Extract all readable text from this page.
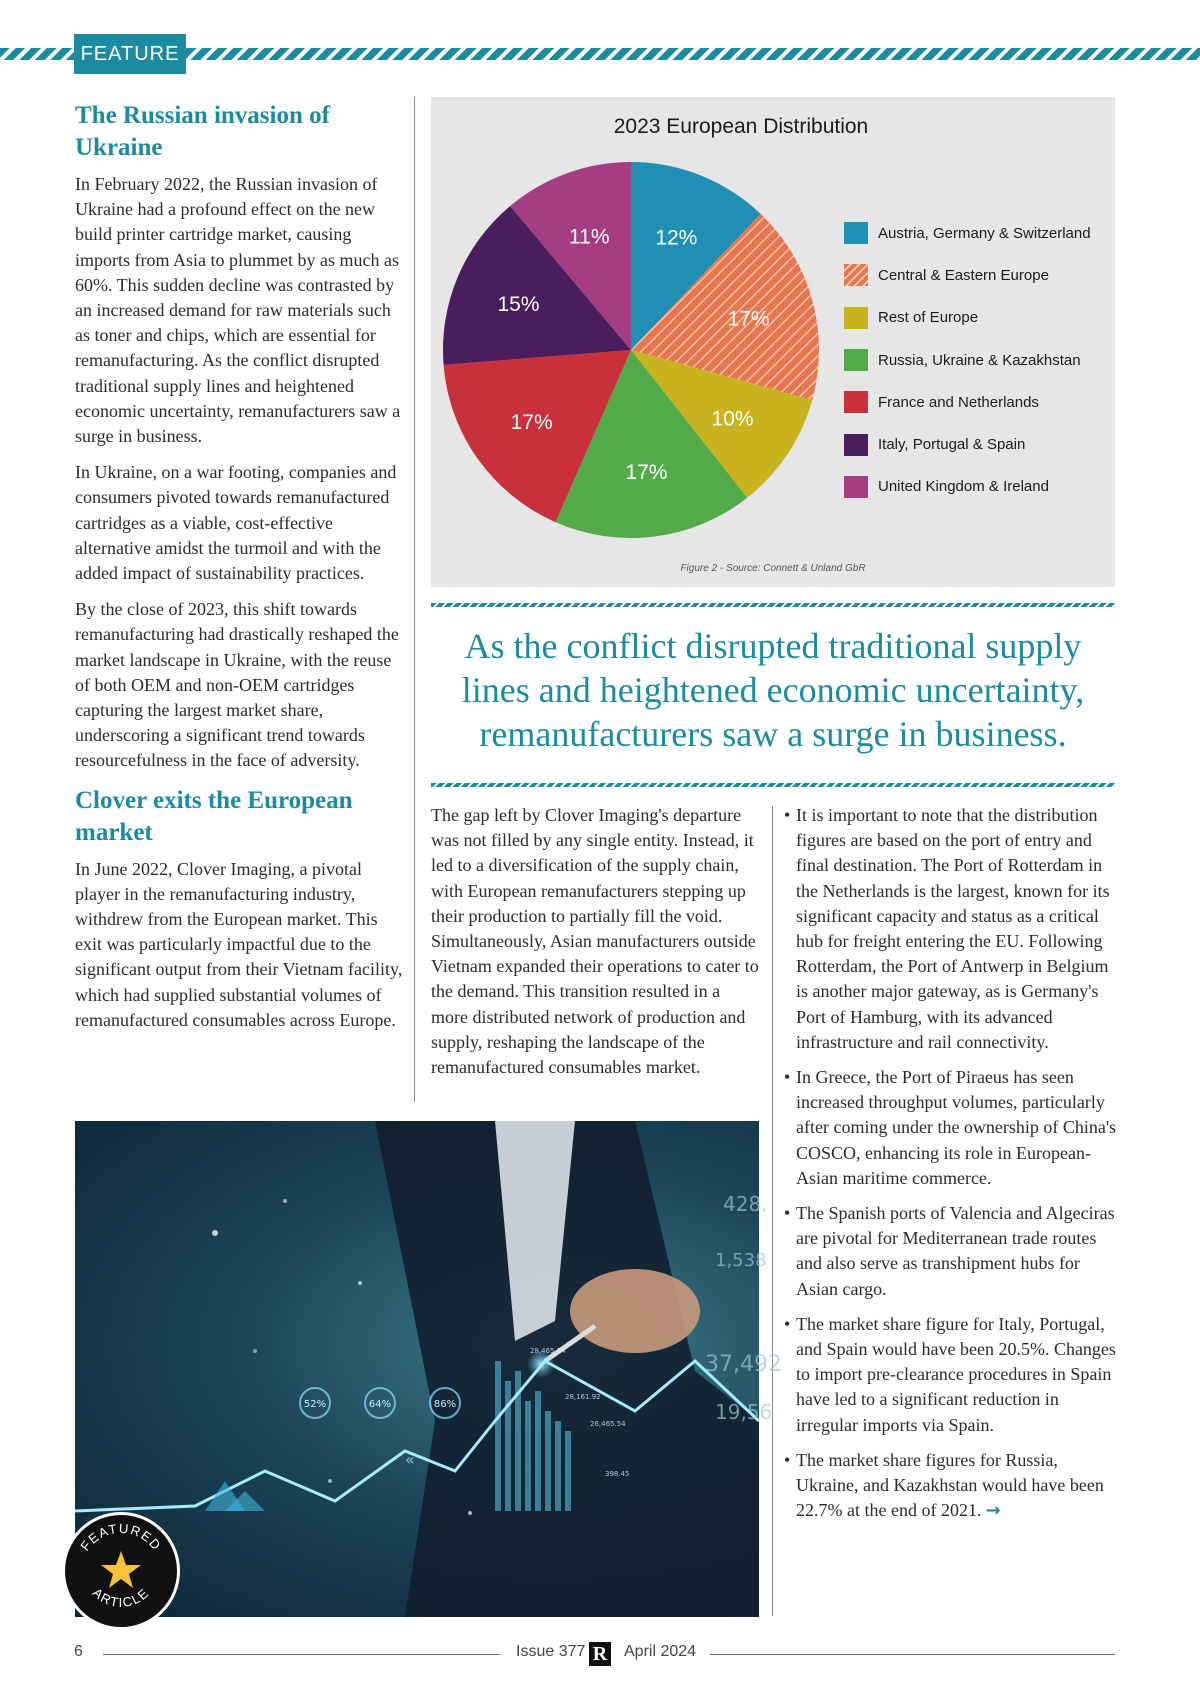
FEATURE
The Russian invasion of Ukraine

In February 2022, the Russian invasion of Ukraine had a profound effect on the new build printer cartridge market, causing imports from Asia to plummet by as much as 60%. This sudden decline was contrasted by an increased demand for raw materials such as toner and chips, which are essential for remanufacturing. As the conflict disrupted traditional supply lines and heightened economic uncertainty, remanufacturers saw a surge in business.

In Ukraine, on a war footing, companies and consumers pivoted towards remanufactured cartridges as a viable, cost-effective alternative amidst the turmoil and with the added impact of sustainability practices.

By the close of 2023, this shift towards remanufacturing had drastically reshaped the market landscape in Ukraine, with the reuse of both OEM and non-OEM cartridges capturing the largest market share, underscoring a significant trend towards resourcefulness in the face of adversity.

Clover exits the European market

In June 2022, Clover Imaging, a pivotal player in the remanufacturing industry, withdrew from the European market. This exit was particularly impactful due to the significant output from their Vietnam facility, which had supplied substantial volumes of remanufactured consumables across Europe.

2023 European Distribution
12%
17%
10%
17%
17%
15%
11%	Austria, Germany & Switzerland
Central & Eastern Europe
Rest of Europe
Russia, Ukraine & Kazakhstan
France and Netherlands
Italy, Portugal & Spain
United Kingdom & Ireland
Figure 2 - Source: Connett & Unland GbR
As the conflict disrupted traditional supply lines and heightened economic uncertainty, remanufacturers saw a surge in business.

The gap left by Clover Imaging's departure was not filled by any single entity. Instead, it led to a diversification of the supply chain, with European remanufacturers stepping up their production to partially fill the void. Simultaneously, Asian manufacturers outside Vietnam expanded their operations to cater to the demand. This transition resulted in a more distributed network of production and supply, reshaping the landscape of the remanufactured consumables market.

• It is important to note that the distribution figures are based on the port of entry and final destination. The Port of Rotterdam in the Netherlands is the largest, known for its significant capacity and status as a critical hub for freight entering the EU. Following Rotterdam, the Port of Antwerp in Belgium is another major gateway, as is Germany's Port of Hamburg, with its advanced infrastructure and rail connectivity.

• In Greece, the Port of Piraeus has seen increased throughput volumes, particularly after coming under the ownership of China's COSCO, enhancing its role in European-Asian maritime commerce.

• The Spanish ports of Valencia and Algeciras are pivotal for Mediterranean trade routes and also serve as transhipment hubs for Asian cargo.

• The market share figure for Italy, Portugal, and Spain would have been 20.5%. Changes to import pre-clearance procedures in Spain have led to a significant reduction in irregular imports via Spain.

• The market share figures for Russia, Ukraine, and Kazakhstan would have been 22.7% at the end of 2021. →

52%	64%	86%
«
428.
1,538
37,492
19,56
28,465.54
28,161.92
26,465.54
398.45
FEATURED
ARTICLE
6	Issue 377 R April 2024
